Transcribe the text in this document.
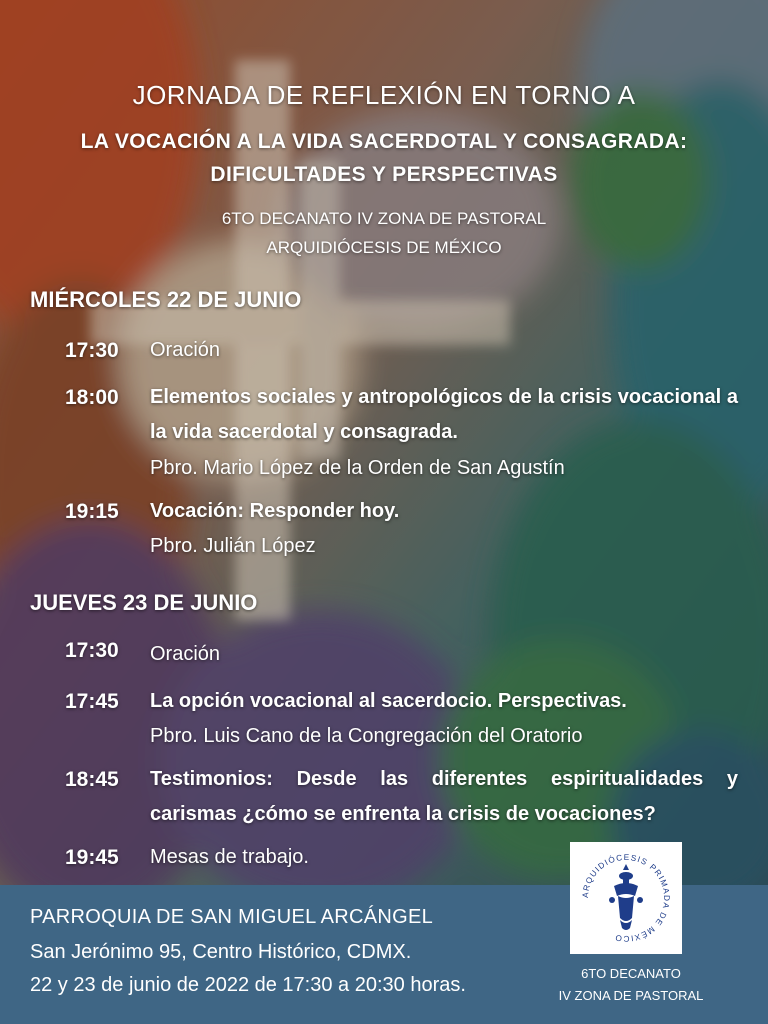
JORNADA DE REFLEXIÓN EN TORNO A
LA VOCACIÓN A LA VIDA SACERDOTAL Y CONSAGRADA:
DIFICULTADES Y PERSPECTIVAS
6TO DECANATO IV ZONA DE PASTORAL
ARQUIDIÓCESIS DE MÉXICO
MIÉRCOLES 22 DE JUNIO
17:30 Oración
18:00 Elementos sociales y antropológicos de la crisis vocacional a la vida sacerdotal y consagrada.
Pbro. Mario López de la Orden de San Agustín
19:15 Vocación: Responder hoy.
Pbro. Julián López
JUEVES 23 DE JUNIO
17:30 Oración
17:45 La opción vocacional al sacerdocio. Perspectivas.
Pbro. Luis Cano de la Congregación del Oratorio
18:45 Testimonios: Desde las diferentes espiritualidades y carismas ¿cómo se enfrenta la crisis de vocaciones?
19:45 Mesas de trabajo.
PARROQUIA DE SAN MIGUEL ARCÁNGEL
San Jerónimo 95, Centro Histórico, CDMX.
22 y 23 de junio de 2022 de 17:30 a 20:30 horas.
ARQUIDIÓCESIS PRIMADA DE MÉXICO
6TO DECANATO
IV ZONA DE PASTORAL
